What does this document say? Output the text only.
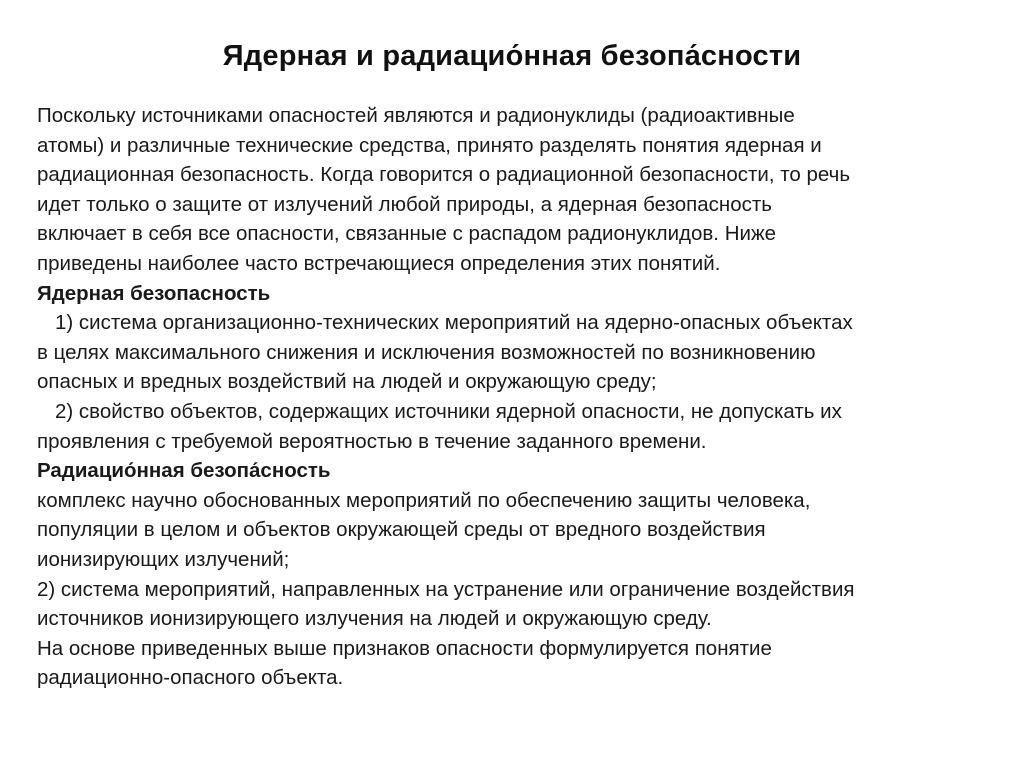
Ядерная и радиацио́нная безопа́сности
Поскольку источниками опасностей являются и радионуклиды (радиоактивные
атомы) и различные технические средства, принято разделять понятия ядерная и
радиационная безопасность. Когда говорится о радиационной безопасности, то речь
идет только о защите от излучений любой природы, а ядерная безопасность
включает в себя все опасности, связанные с распадом радионуклидов. Ниже
приведены наиболее часто встречающиеся определения этих понятий.
Ядерная безопасность
1) система организационно-технических мероприятий на ядерно-опасных объектах
в целях максимального снижения и исключения возможностей по возникновению
опасных и вредных воздействий на людей и окружающую среду;
2) свойство объектов, содержащих источники ядерной опасности, не допускать их
проявления с требуемой вероятностью в течение заданного времени.
Радиацио́нная безопа́сность
комплекс научно обоснованных мероприятий по обеспечению защиты человека,
популяции в целом и объектов окружающей среды от вредного воздействия
ионизирующих излучений;
2) система мероприятий, направленных на устранение или ограничение воздействия
источников ионизирующего излучения на людей и окружающую среду.
На основе приведенных выше признаков опасности формулируется понятие
радиационно-опасного объекта.
